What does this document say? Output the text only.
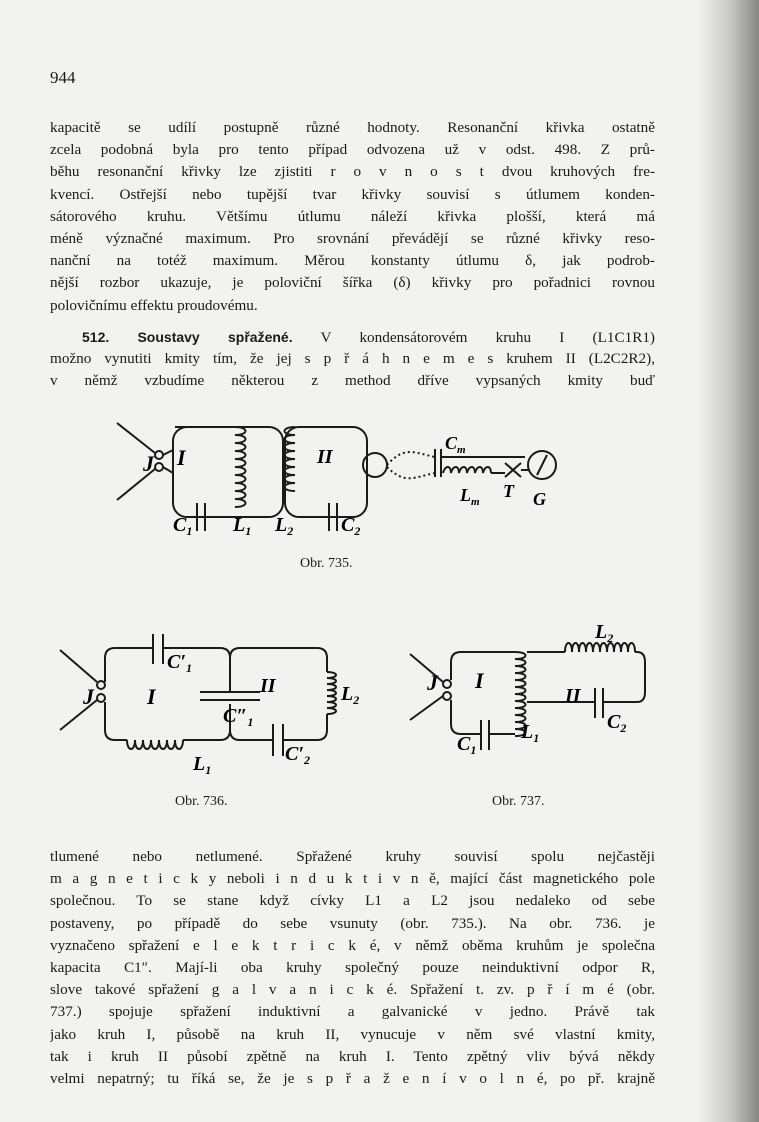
944
kapacitě se udílí postupně různé hodnoty. Resonanční křivka ostatně
zcela podobná byla pro tento případ odvozena už v odst. 498. Z prů-
běhu resonanční křivky lze zjistiti r o v n o s t dvou kruhových fre-
kvencí. Ostřejší nebo tupější tvar křivky souvisí s útlumem konden-
sátorového kruhu. Většímu útlumu náleží křivka plošší, která má
méně význačné maximum. Pro srovnání převádějí se různé křivky reso-
nanční na totéž maximum. Měrou konstanty útlumu δ, jak podrob-
nější rozbor ukazuje, je poloviční šířka (δ) křivky pro pořadnici rovnou
polovičnímu effektu proudovému.
512. Soustavy spřažené. V kondensátorovém kruhu I (L1C1R1)
možno vynutiti kmity tím, že jej s p ř á h n e m e s kruhem II (L2C2R2),
v němž vzbudíme některou z method dříve vypsaných kmity buď
J I	II
$C_1$ $L_1$ $L_2$ $C_2$
$C_m$
$L_m$
T G
Obr. 735.
J I	II
$C'_1$
$C''_1$
$C'_2$
$L_1$
$L_2$
Obr. 736.
J I
II
$C_1$
$L_1$
$L_2$
$C_2$
Obr. 737.
tlumené nebo netlumené. Spřažené kruhy souvisí spolu nejčastěji
m a g n e t i c k y neboli i n d u k t i v n ě, mající část magnetického pole
společnou. To se stane když cívky L1 a L2 jsou nedaleko od sebe
postaveny, po případě do sebe vsunuty (obr. 735.). Na obr. 736. je
vyznačeno spřažení e l e k t r i c k é, v němž oběma kruhům je společna
kapacita C1″. Mají-li oba kruhy společný pouze neinduktivní odpor R,
slove takové spřažení g a l v a n i c k é. Spřažení t. zv. p ř í m é (obr.
737.) spojuje spřažení induktivní a galvanické v jedno. Právě tak
jako kruh I, působě na kruh II, vynucuje v něm své vlastní kmity,
tak i kruh II působí zpětně na kruh I. Tento zpětný vliv bývá někdy
velmi nepatrný; tu říká se, že je s p ř a ž e n í v o l n é, po př. krajně
